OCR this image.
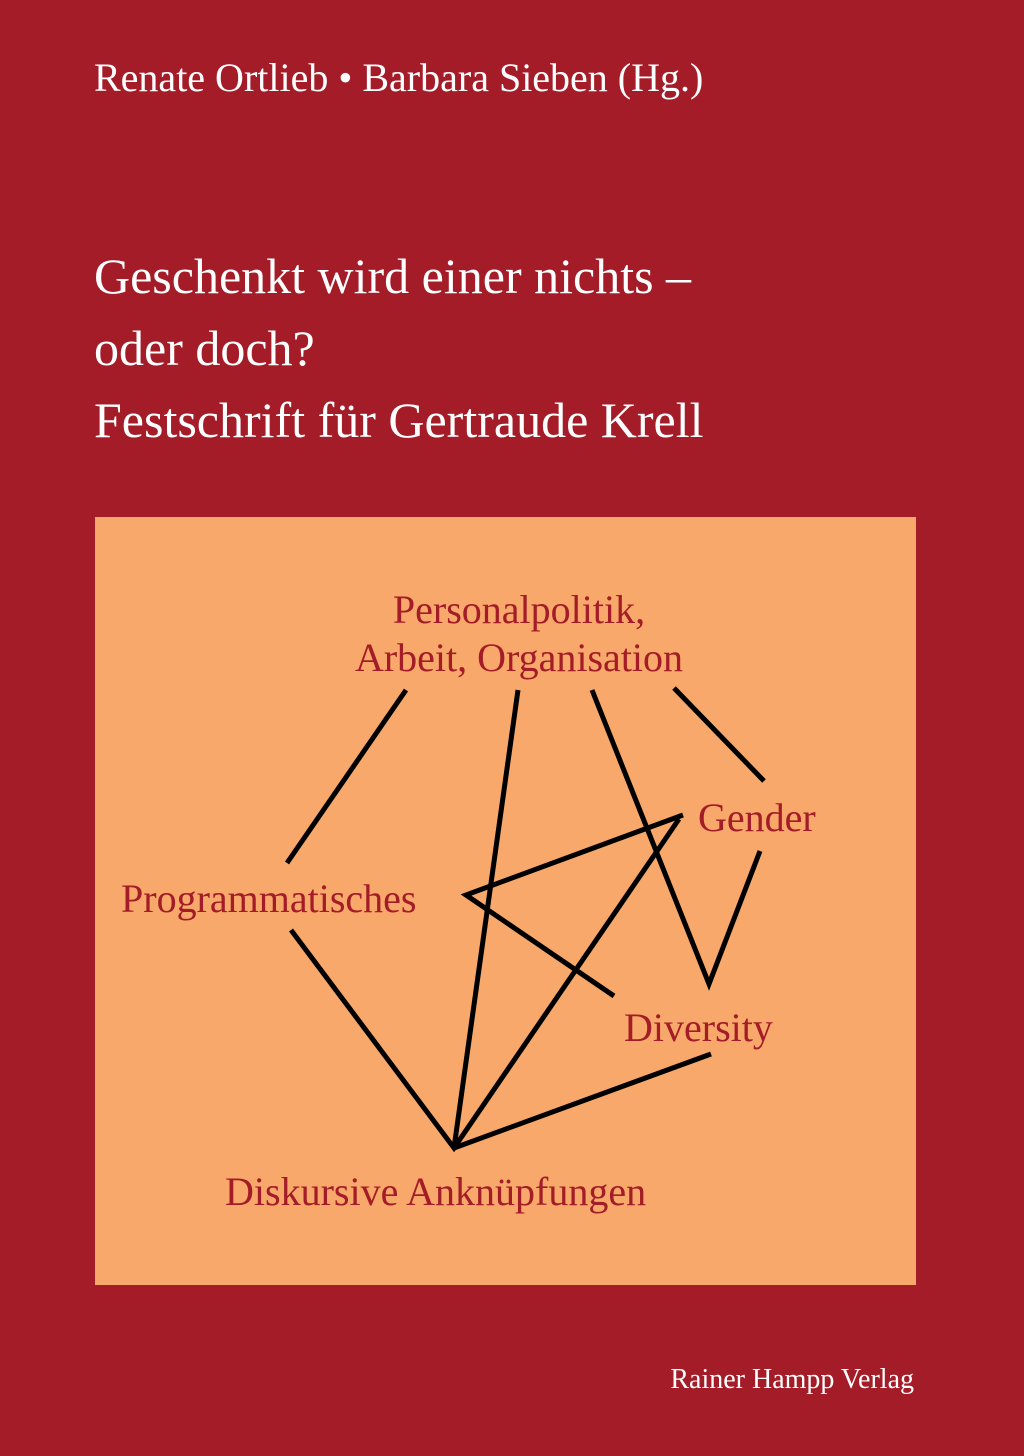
Renate Ortlieb • Barbara Sieben (Hg.)
Geschenkt wird einer nichts –
oder doch?
Festschrift für Gertraude Krell
Personalpolitik,
Arbeit, Organisation
Gender
Programmatisches
Diversity
Diskursive Anknüpfungen
Rainer Hampp Verlag
